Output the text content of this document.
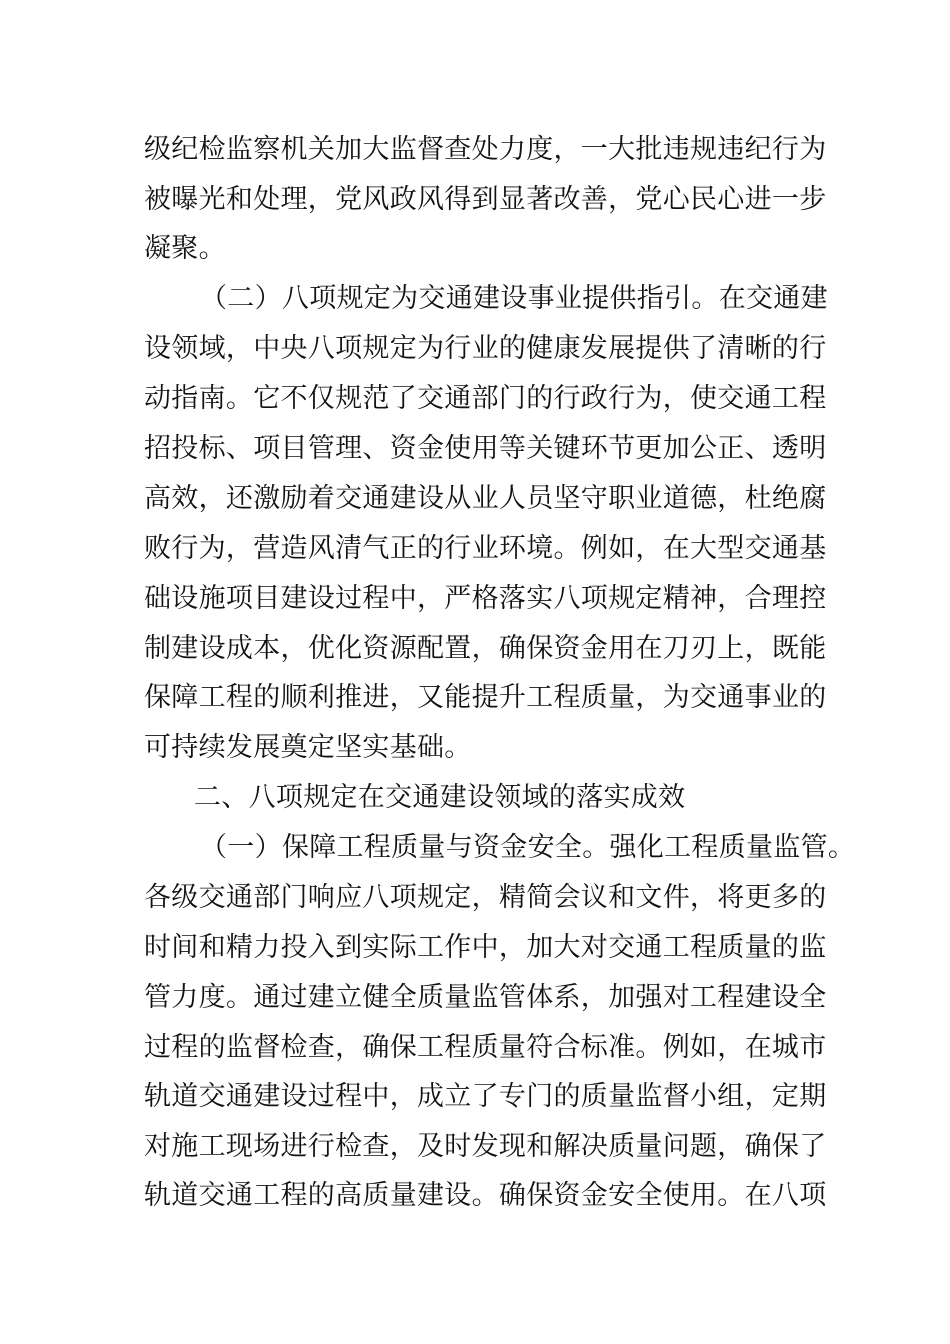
级纪检监察机关加大监督查处力度，一大批违规违纪行为
被曝光和处理，党风政风得到显著改善，党心民心进一步
凝聚。
（二）八项规定为交通建设事业提供指引。在交通建
设领域，中央八项规定为行业的健康发展提供了清晰的行
动指南。它不仅规范了交通部门的行政行为，使交通工程
招投标、项目管理、资金使用等关键环节更加公正、透明
高效，还激励着交通建设从业人员坚守职业道德，杜绝腐
败行为，营造风清气正的行业环境。例如，在大型交通基
础设施项目建设过程中，严格落实八项规定精神，合理控
制建设成本，优化资源配置，确保资金用在刀刃上，既能
保障工程的顺利推进，又能提升工程质量，为交通事业的
可持续发展奠定坚实基础。
二、八项规定在交通建设领域的落实成效
（一）保障工程质量与资金安全。强化工程质量监管。
各级交通部门响应八项规定，精简会议和文件，将更多的
时间和精力投入到实际工作中，加大对交通工程质量的监
管力度。通过建立健全质量监管体系，加强对工程建设全
过程的监督检查，确保工程质量符合标准。例如，在城市
轨道交通建设过程中，成立了专门的质量监督小组，定期
对施工现场进行检查，及时发现和解决质量问题，确保了
轨道交通工程的高质量建设。确保资金安全使用。在八项
